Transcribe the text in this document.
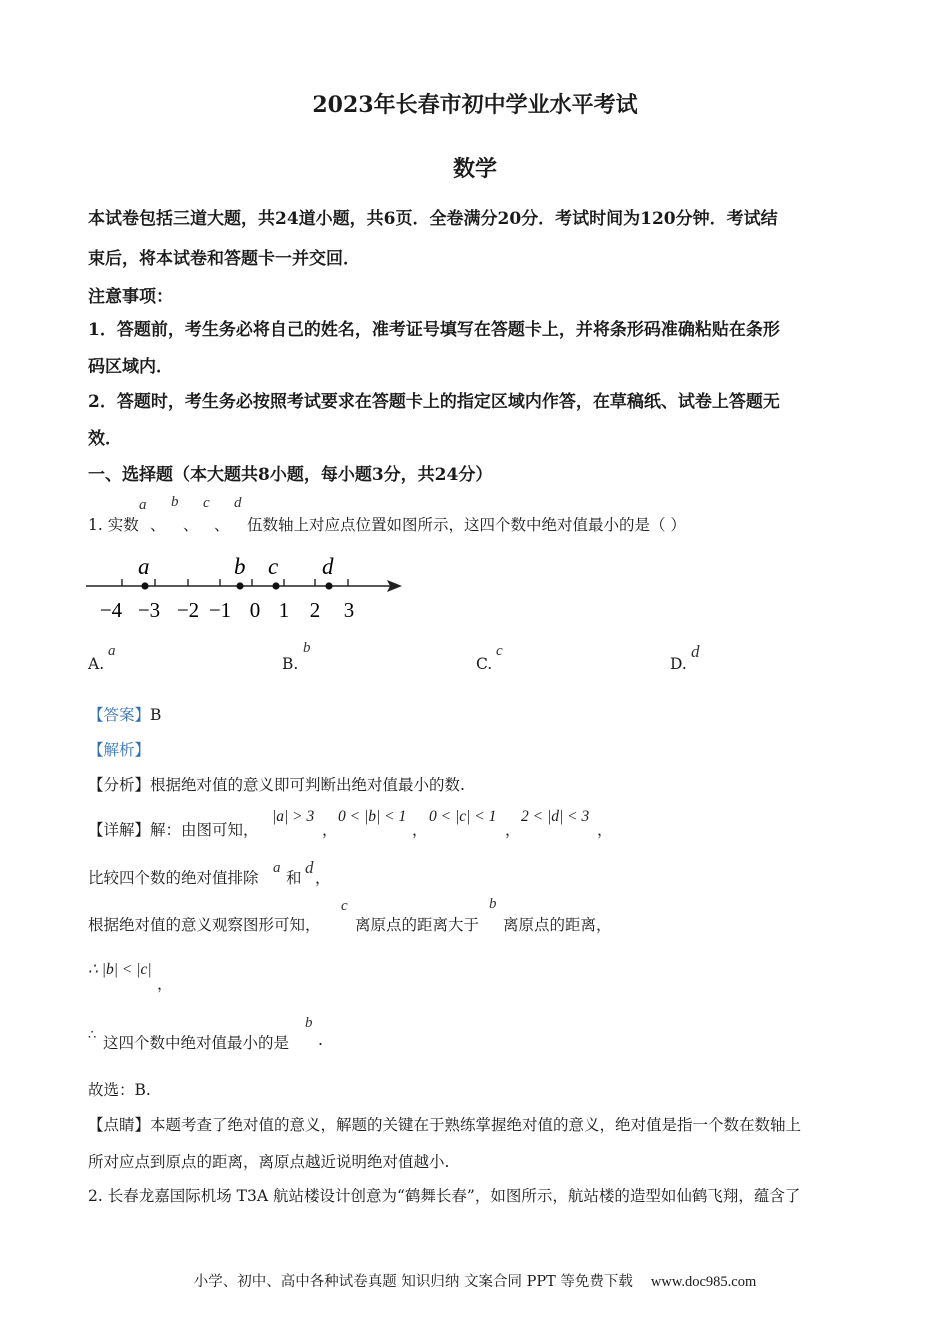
2023年长春市初中学业水平考试
数学
本试卷包括三道大题，共24道小题，共6页．全卷满分20分．考试时间为120分钟．考试结
束后，将本试卷和答题卡一并交回．
注意事项：
1．答题前，考生务必将自己的姓名，准考证号填写在答题卡上，并将条形码准确粘贴在条形
码区域内．
2．答题时，考生务必按照考试要求在答题卡上的指定区域内作答，在草稿纸、试卷上答题无
效．
一、选择题（本大题共8小题，每小题3分，共24分）
1. 实数
a
、
b
、
c
、
d
伍数轴上对应点位置如图所示，这四个数中绝对值最小的是（ ）
a	b c d
−4 −3 −2 −1 0 1 2 3
A.
a
B.
b
C.
c
D.
d
【答案】B
【解析】
【分析】根据绝对值的意义即可判断出绝对值最小的数.
【详解】解：由图可知，
|a| > 3
，
0 < |b| < 1
，
0 < |c| < 1
，
2 < |d| < 3
，
比较四个数的绝对值排除
a
和
d
，
根据绝对值的意义观察图形可知，
c
离原点的距离大于
b
离原点的距离，
∴ |b| < |c|
，
∴ 这四个数中绝对值最小的是
b
.
故选：B.
【点睛】本题考查了绝对值的意义，解题的关键在于熟练掌握绝对值的意义，绝对值是指一个数在数轴上
所对应点到原点的距离，离原点越近说明绝对值越小.
2. 长春龙嘉国际机场 T3A 航站楼设计创意为“鹤舞长春”，如图所示，航站楼的造型如仙鹤飞翔，蕴含了
小学、初中、高中各种试卷真题 知识归纳 文案合同 PPT 等免费下载 www.doc985.com
